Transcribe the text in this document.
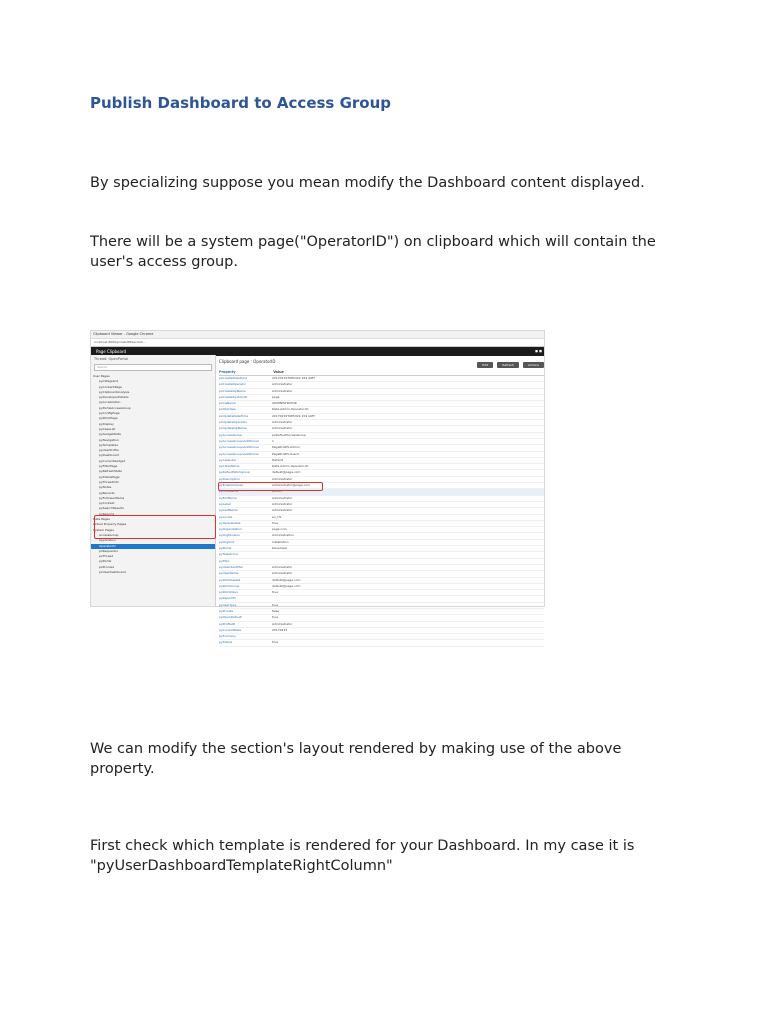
Publish Dashboard to Access Group

By specializing suppose you mean modify the Dashboard content displayed.

There will be a system page("OperatorID") on clipboard which will contain the user's access group.

Clipboard Viewer - Google Chrome
localhost:8080/prweb/PRServlet/...
Page Clipboard	◼ ◼
Thread: OpenPortal
Search
User Pages
pyInPageList
pyContentPage
pyClipboardAnalysis
pyDeveloperDetails
pyLocalization
pyPortalAccessGroup
pyConfigPage
pyWorkPage
pyDisplay
pyCaseList
pyGadgetData
pyNavigation
pyTemplates
pyUserProfile
pyDashboard
pyCurrentGadget
pyFilterPage
pyRefreshState
pyStatusPage
pyThreadInfo
pyNotes
pyRecents
pyFollowedItems
pyContext
pySearchResults
pyReports
Data Pages
Linked Property Pages
System Pages
AccessGroup
Application
OperatorID
pxRequestor
pxThread
pyPortal
pxProcess
pxUserDashboard
Clipboard page : OperatorID
Edit	Refresh	Actions
Property	Value
pxCreateDateTime	20170215T085322.159 GMT
pxCreateOperator	Administrator
pxCreateOpName	Administrator
pxCreateSystemID	pega
pxInsName	ADMINISTRATOR
pxObjClass	Data-Admin-Operator-ID
pxUpdateDateTime	20170215T085322.159 GMT
pxUpdateOperator	Administrator
pxUpdateOpName	Administrator
pyAccessGroup	pxDefaultAccessGroup
pyAccessGroupsAdditional	1
pyAccessGroupsAdditional	PegaRULES:Admin
pyAccessGroupsAdditional	PegaRULES:User4
pyCalendar	Default
pyClassName	Data-Admin-Operator-ID
pyDefaultWorkgroup	default@pega.com
pyDescription	Administrator
pyEmailAddress	administrator@pega.com
pyFirstName	Admin
pyFullName	Administrator
pyLabel	Administrator
pyLastName	Administrator
pyLocale	en_US
pyOpAvailable	true
pyOrganization	pega.com
pyOrgDivision	Administration
pyOrgUnit	Installation
pyPortal	Developer
pyTelephone
pyTitle
pyUserIdentifier	Administrator
pyUserName	Administrator
pyWorkbasket	default@pega.com
pyWorkGroup	default@pega.com
pyWorkDays	true
pyReportTo
pyUserType	true
pyPrivate	false
pyOpenDefault	true
pyProfileID	Administrator
pyCurrentDate	20170215
pyFormerly
pyStatus	true

We can modify the section's layout rendered by making use of the above property.

First check which template is rendered for your Dashboard. In my case it is "pyUserDashboardTemplateRightColumn"
